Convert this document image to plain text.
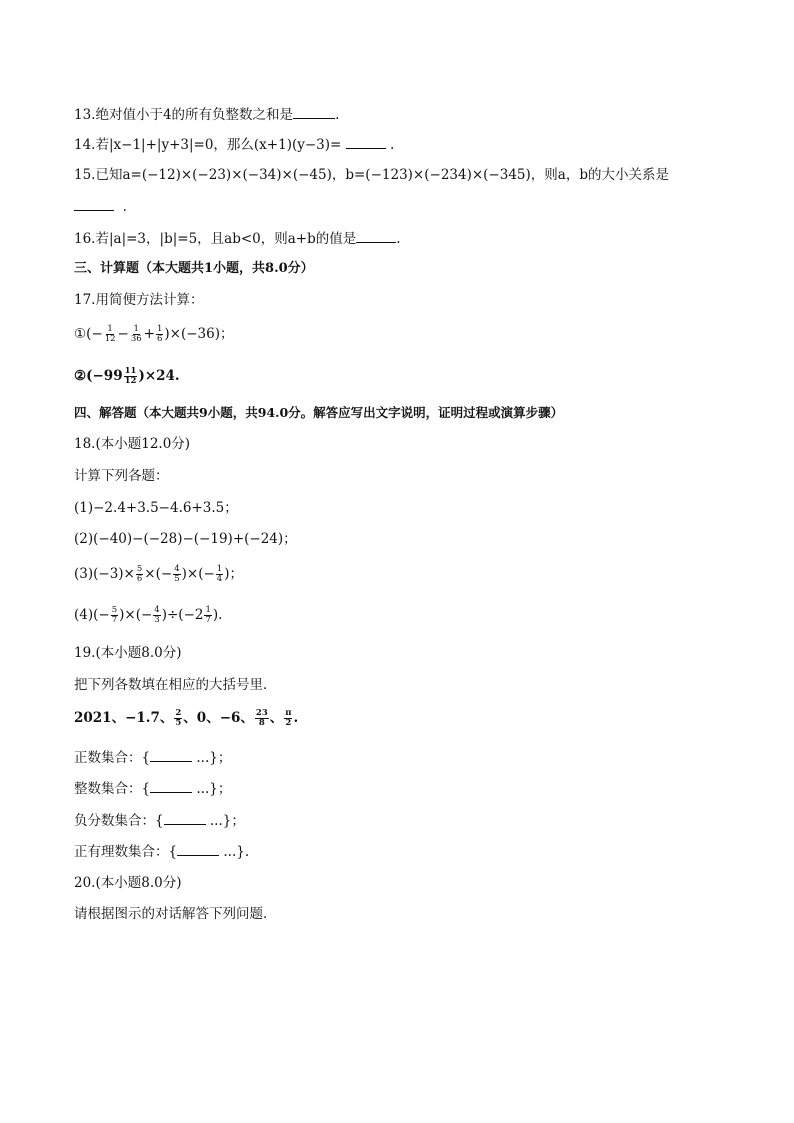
13.绝对值小于4的所有负整数之和是	.
14.若|x−1|+|y+3|=0，那么(x+1)(y−3)=	.
15.已知a=(−12)×(−23)×(−34)×(−45)，b=(−123)×(−234)×(−345)，则a，b的大小关系是
.
16.若|a|=3，|b|=5，且ab<0，则a+b的值是	.
三、计算题（本大题共1小题，共8.0分）
17.用简便方法计算：
①(− $\frac{1}{12} - \frac{1}{36} + \frac{1}{6} )\times(-36)$；
②(−99 $\frac{11}{12} )\times 24$.
四、解答题（本大题共9小题，共94.0分。解答应写出文字说明，证明过程或演算步骤）
18.(本小题12.0分)
计算下列各题：
(1)−2.4+3.5−4.6+3.5；
(2)(−40)−(−28)−(−19)+(−24)；
$(3)(-3)\times \frac{5}{6}$ ×(− $\frac{4}{5}$ )×(− $\frac{1}{4}$ )；
$(4)(- \frac{5}{7}$ )×(− $\frac{4}{3} )\div(-2 \frac{1}{7}$ ).
19.(本小题8.0分)
把下列各数填在相应的大括号里．
2021、−1.7、 $\frac{2}{5}$ 、0、−6、 $\frac{23}{8}$ 、 $\frac{\pi}{2}$ .
正数集合：{	...}；
整数集合：{	...}；
负分数集合：{	...}；
正有理数集合：{	...}.
20.(本小题8.0分)
请根据图示的对话解答下列问题．
